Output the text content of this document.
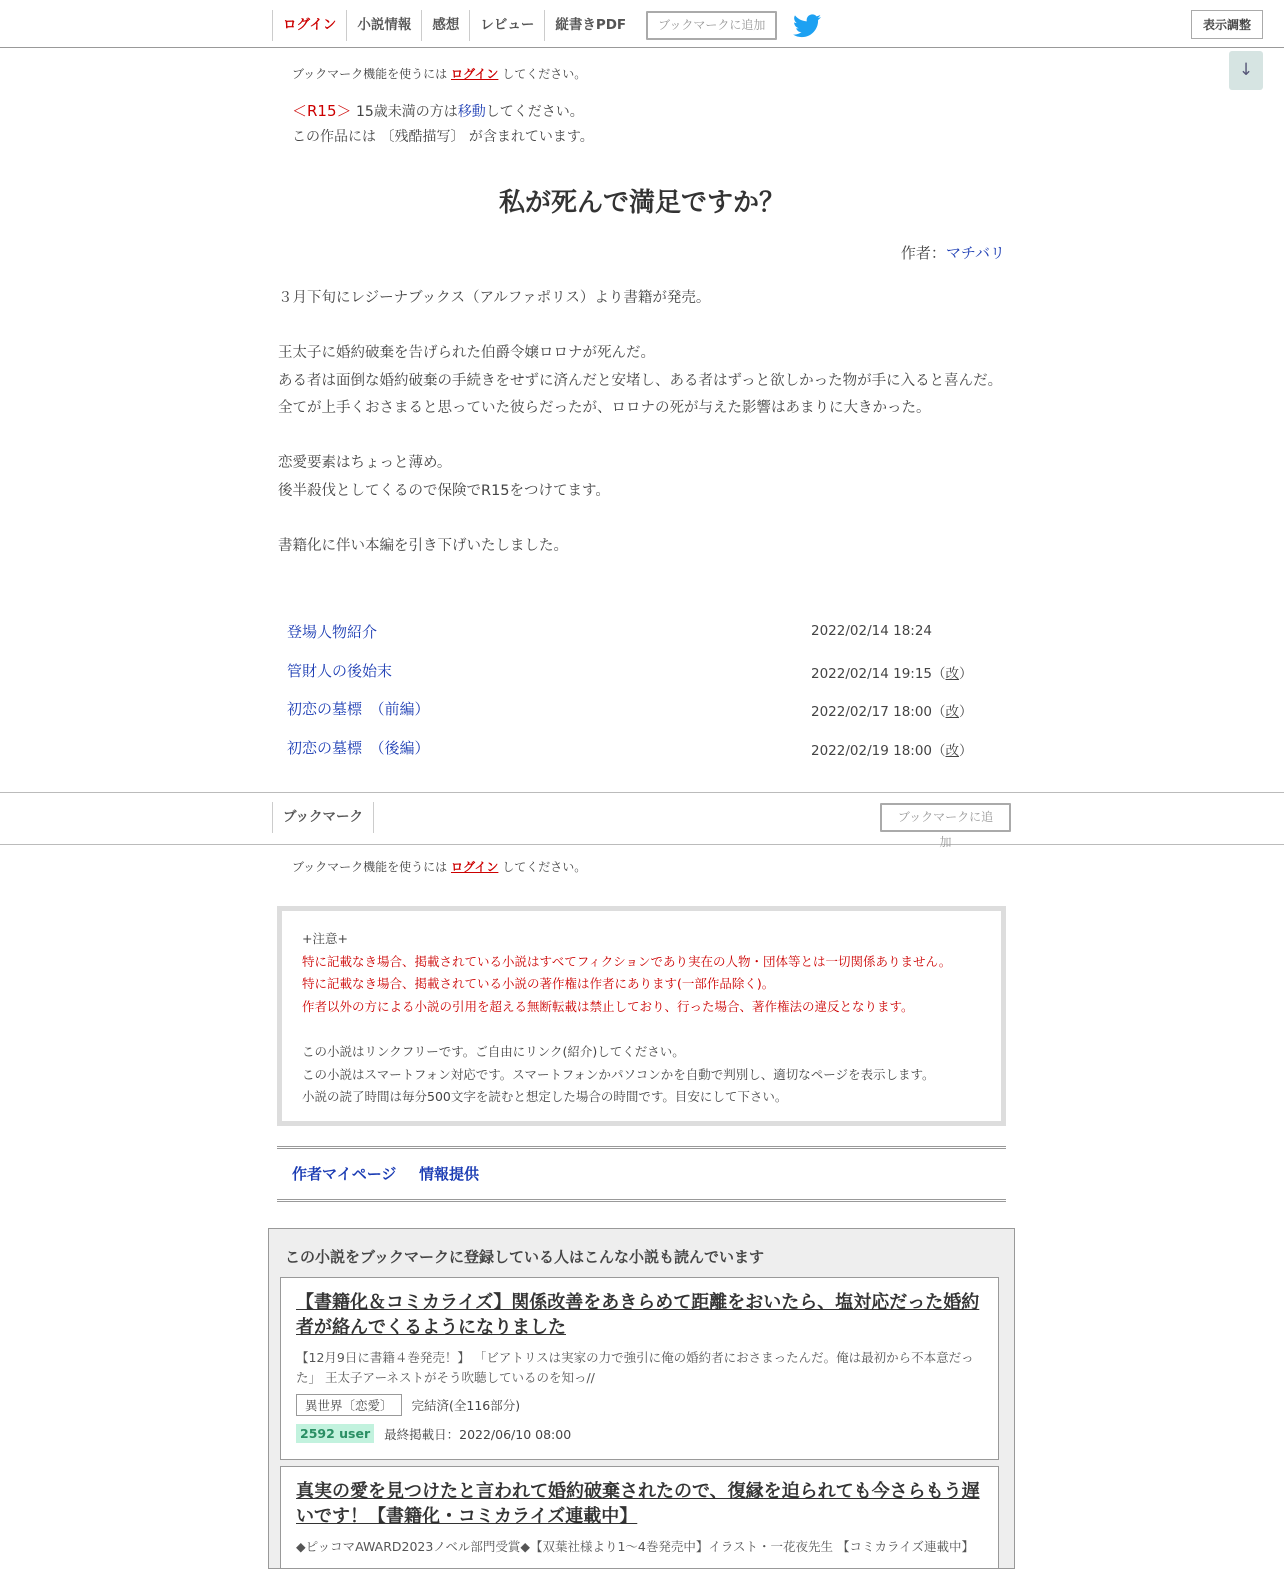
ログイン	小説情報	感想	レビュー	縦書きPDF	ブックマークに追加	表示調整
↓
ブックマーク機能を使うには ログイン してください。
＜R15＞ 15歳未満の方は移動してください。
この作品には 〔残酷描写〕 が含まれています。
私が死んで満足ですか？
作者：マチバリ
３月下旬にレジーナブックス（アルファポリス）より書籍が発売。

王太子に婚約破棄を告げられた伯爵令嬢ロロナが死んだ。
ある者は面倒な婚約破棄の手続きをせずに済んだと安堵し、ある者はずっと欲しかった物が手に入ると喜んだ。全てが上手くおさまると思っていた彼らだったが、ロロナの死が与えた影響はあまりに大きかった。

恋愛要素はちょっと薄め。
後半殺伐としてくるので保険でR15をつけてます。

書籍化に伴い本編を引き下げいたしました。
登場人物紹介	2022/02/14 18:24
管財人の後始末	2022/02/14 19:15（改）
初恋の墓標　（前編）	2022/02/17 18:00（改）
初恋の墓標　（後編）	2022/02/19 18:00（改）
ブックマーク	ブックマークに追加
ブックマーク機能を使うには ログイン してください。
+注意+
特に記載なき場合、掲載されている小説はすべてフィクションであり実在の人物・団体等とは一切関係ありません。
特に記載なき場合、掲載されている小説の著作権は作者にあります(一部作品除く)。
作者以外の方による小説の引用を超える無断転載は禁止しており、行った場合、著作権法の違反となります。
この小説はリンクフリーです。ご自由にリンク(紹介)してください。
この小説はスマートフォン対応です。スマートフォンかパソコンかを自動で判別し、適切なページを表示します。
小説の読了時間は毎分500文字を読むと想定した場合の時間です。目安にして下さい。
作者マイページ 情報提供
この小説をブックマークに登録している人はこんな小説も読んでいます
【書籍化＆コミカライズ】関係改善をあきらめて距離をおいたら、塩対応だった婚約者が絡んでくるようになりました
【12月9日に書籍４巻発売！】 「ビアトリスは実家の力で強引に俺の婚約者におさまったんだ。俺は最初から不本意だった」 王太子アーネストがそう吹聴しているのを知っ//
異世界〔恋愛〕	完結済(全116部分)
2592 user	最終掲載日：2022/06/10 08:00
真実の愛を見つけたと言われて婚約破棄されたので、復縁を迫られても今さらもう遅いです！【書籍化・コミカライズ連載中】
◆ピッコマAWARD2023ノベル部門受賞◆【双葉社様より1〜4巻発売中】イラスト・一花夜先生 【コミカライズ連載中】
